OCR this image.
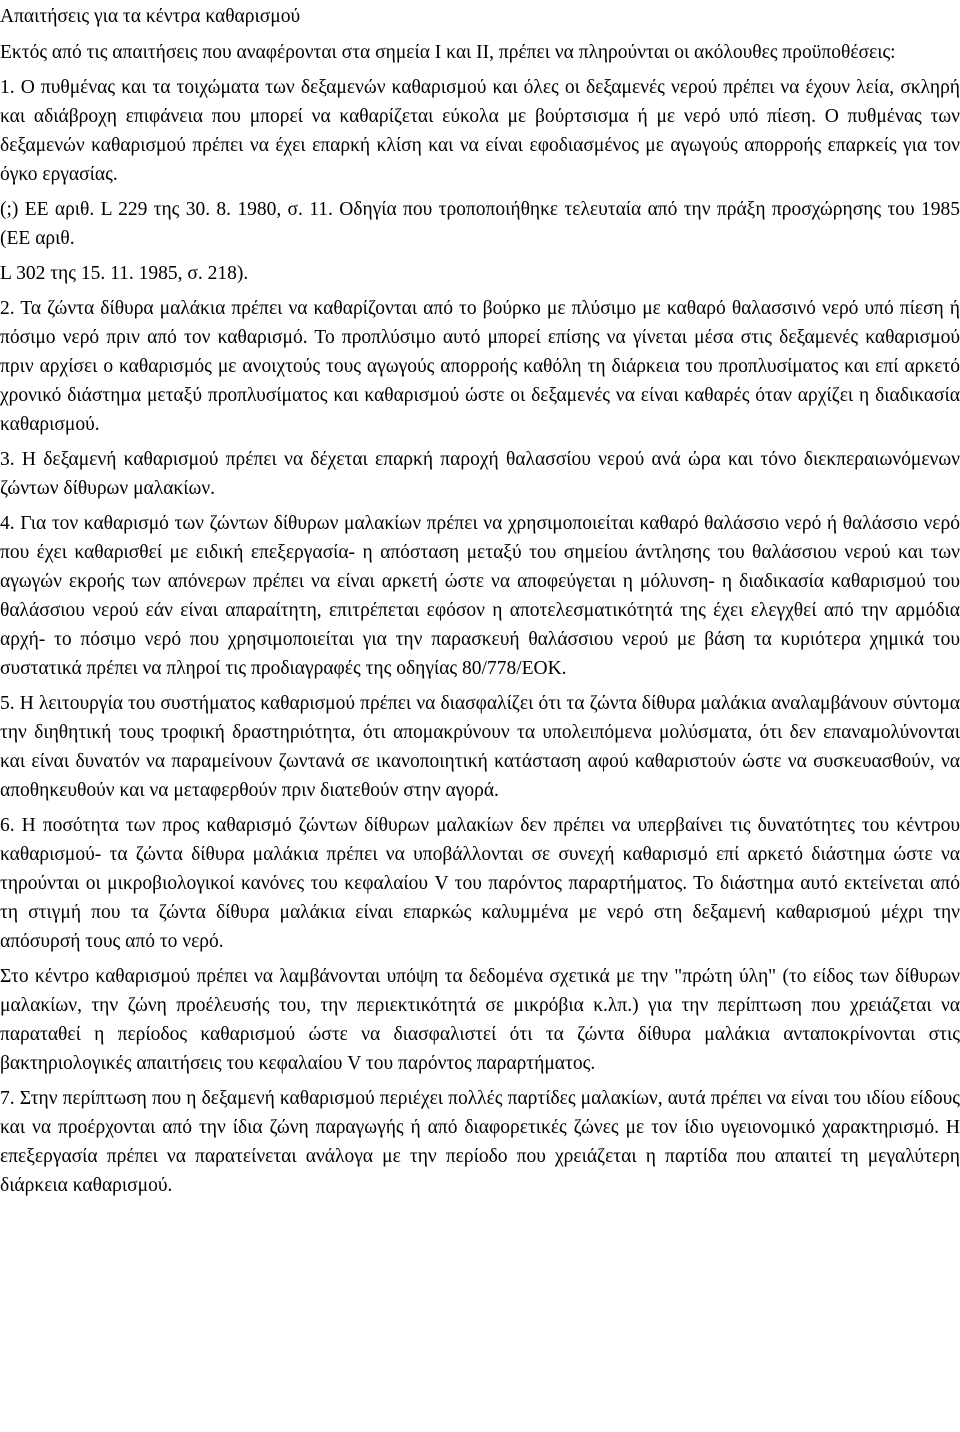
Απαιτήσεις για τα κέντρα καθαρισμού

Εκτός από τις απαιτήσεις που αναφέρονται στα σημεία I και II, πρέπει να πληρούνται οι ακόλουθες προϋποθέσεις:

1. Ο πυθμένας και τα τοιχώματα των δεξαμενών καθαρισμού και όλες οι δεξαμενές νερού πρέπει να έχουν λεία, σκληρή και αδιάβροχη επιφάνεια που μπορεί να καθαρίζεται εύκολα με βούρτσισμα ή με νερό υπό πίεση. Ο πυθμένας των δεξαμενών καθαρισμού πρέπει να έχει επαρκή κλίση και να είναι εφοδιασμένος με αγωγούς απορροής επαρκείς για τον όγκο εργασίας.

(;) ΕΕ αριθ. L 229 της 30. 8. 1980, σ. 11. Οδηγία που τροποποιήθηκε τελευταία από την πράξη προσχώρησης του 1985 (ΕΕ αριθ.

L 302 της 15. 11. 1985, σ. 218).

2. Τα ζώντα δίθυρα μαλάκια πρέπει να καθαρίζονται από το βούρκο με πλύσιμο με καθαρό θαλασσινό νερό υπό πίεση ή πόσιμο νερό πριν από τον καθαρισμό. Το προπλύσιμο αυτό μπορεί επίσης να γίνεται μέσα στις δεξαμενές καθαρισμού πριν αρχίσει ο καθαρισμός με ανοιχτούς τους αγωγούς απορροής καθόλη τη διάρκεια του προπλυσίματος και επί αρκετό χρονικό διάστημα μεταξύ προπλυσίματος και καθαρισμού ώστε οι δεξαμενές να είναι καθαρές όταν αρχίζει η διαδικασία καθαρισμού.

3. Η δεξαμενή καθαρισμού πρέπει να δέχεται επαρκή παροχή θαλασσίου νερού ανά ώρα και τόνο διεκπεραιωνόμενων ζώντων δίθυρων μαλακίων.

4. Για τον καθαρισμό των ζώντων δίθυρων μαλακίων πρέπει να χρησιμοποιείται καθαρό θαλάσσιο νερό ή θαλάσσιο νερό που έχει καθαρισθεί με ειδική επεξεργασία- η απόσταση μεταξύ του σημείου άντλησης του θαλάσσιου νερού και των αγωγών εκροής των απόνερων πρέπει να είναι αρκετή ώστε να αποφεύγεται η μόλυνση- η διαδικασία καθαρισμού του θαλάσσιου νερού εάν είναι απαραίτητη, επιτρέπεται εφόσον η αποτελεσματικότητά της έχει ελεγχθεί από την αρμόδια αρχή- το πόσιμο νερό που χρησιμοποιείται για την παρασκευή θαλάσσιου νερού με βάση τα κυριότερα χημικά του συστατικά πρέπει να πληροί τις προδιαγραφές της οδηγίας 80/778/ΕΟΚ.

5. Η λειτουργία του συστήματος καθαρισμού πρέπει να διασφαλίζει ότι τα ζώντα δίθυρα μαλάκια αναλαμβάνουν σύντομα την διηθητική τους τροφική δραστηριότητα, ότι απομακρύνουν τα υπολειπόμενα μολύσματα, ότι δεν επαναμολύνονται και είναι δυνατόν να παραμείνουν ζωντανά σε ικανοποιητική κατάσταση αφού καθαριστούν ώστε να συσκευασθούν, να αποθηκευθούν και να μεταφερθούν πριν διατεθούν στην αγορά.

6. Η ποσότητα των προς καθαρισμό ζώντων δίθυρων μαλακίων δεν πρέπει να υπερβαίνει τις δυνατότητες του κέντρου καθαρισμού- τα ζώντα δίθυρα μαλάκια πρέπει να υποβάλλονται σε συνεχή καθαρισμό επί αρκετό διάστημα ώστε να τηρούνται οι μικροβιολογικοί κανόνες του κεφαλαίου V του παρόντος παραρτήματος. Το διάστημα αυτό εκτείνεται από τη στιγμή που τα ζώντα δίθυρα μαλάκια είναι επαρκώς καλυμμένα με νερό στη δεξαμενή καθαρισμού μέχρι την απόσυρσή τους από το νερό.

Στο κέντρο καθαρισμού πρέπει να λαμβάνονται υπόψη τα δεδομένα σχετικά με την "πρώτη ύλη" (το είδος των δίθυρων μαλακίων, την ζώνη προέλευσής του, την περιεκτικότητά σε μικρόβια κ.λπ.) για την περίπτωση που χρειάζεται να παραταθεί η περίοδος καθαρισμού ώστε να διασφαλιστεί ότι τα ζώντα δίθυρα μαλάκια ανταποκρίνονται στις βακτηριολογικές απαιτήσεις του κεφαλαίου V του παρόντος παραρτήματος.

7. Στην περίπτωση που η δεξαμενή καθαρισμού περιέχει πολλές παρτίδες μαλακίων, αυτά πρέπει να είναι του ιδίου είδους και να προέρχονται από την ίδια ζώνη παραγωγής ή από διαφορετικές ζώνες με τον ίδιο υγειονομικό χαρακτηρισμό. Η επεξεργασία πρέπει να παρατείνεται ανάλογα με την περίοδο που χρειάζεται η παρτίδα που απαιτεί τη μεγαλύτερη διάρκεια καθαρισμού.
